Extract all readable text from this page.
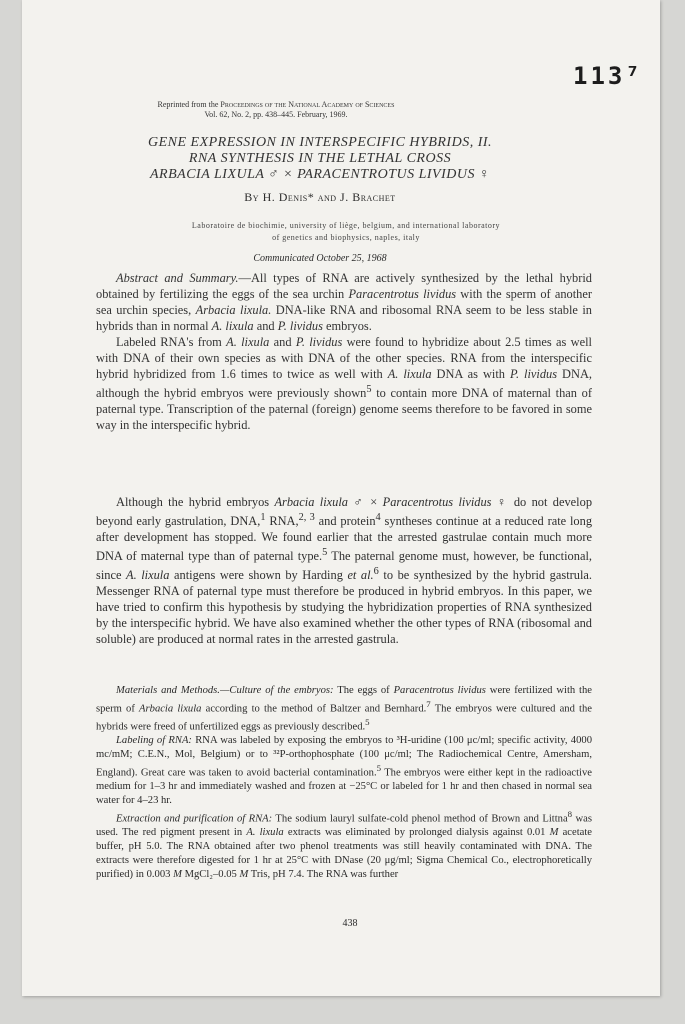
113⁷
Reprinted from the Proceedings of the National Academy of Sciences
Vol. 62, No. 2, pp. 438–445. February, 1969.
GENE EXPRESSION IN INTERSPECIFIC HYBRIDS, II.
RNA SYNTHESIS IN THE LETHAL CROSS
ARBACIA LIXULA ♂ × PARACENTROTUS LIVIDUS ♀
By H. Denis* and J. Brachet
Laboratoire de biochimie, university of liège, belgium, and international laboratory
of genetics and biophysics, naples, italy
Communicated October 25, 1968

Abstract and Summary.—All types of RNA are actively synthesized by the lethal hybrid obtained by fertilizing the eggs of the sea urchin Paracentrotus lividus with the sperm of another sea urchin species, Arbacia lixula. DNA-like RNA and ribosomal RNA seem to be less stable in hybrids than in normal A. lixula and P. lividus embryos.

Labeled RNA's from A. lixula and P. lividus were found to hybridize about 2.5 times as well with DNA of their own species as with DNA of the other species. RNA from the interspecific hybrid hybridized from 1.6 times to twice as well with A. lixula DNA as with P. lividus DNA, although the hybrid embryos were previously shown$^5$ to contain more DNA of maternal than of paternal type. Transcription of the paternal (foreign) genome seems therefore to be favored in some way in the interspecific hybrid.

Although the hybrid embryos Arbacia lixula ♂ × Paracentrotus lividus ♀ do not develop beyond early gastrulation, DNA,$^1$ RNA,$^{2, 3}$ and protein$^4$ syntheses continue at a reduced rate long after development has stopped. We found earlier that the arrested gastrulae contain much more DNA of maternal type than of paternal type.$^5$ The paternal genome must, however, be functional, since A. lixula antigens were shown by Harding et al.$^6$ to be synthesized by the hybrid gastrula. Messenger RNA of paternal type must therefore be produced in hybrid embryos. In this paper, we have tried to confirm this hypothesis by studying the hybridization properties of RNA synthesized by the interspecific hybrid. We have also examined whether the other types of RNA (ribosomal and soluble) are produced at normal rates in the arrested gastrula.

Materials and Methods.—Culture of the embryos: The eggs of Paracentrotus lividus were fertilized with the sperm of Arbacia lixula according to the method of Baltzer and Bernhard.$^7$ The embryos were cultured and the hybrids were freed of unfertilized eggs as previously described.$^5$

Labeling of RNA: RNA was labeled by exposing the embryos to ³H-uridine (100 μc/ml; specific activity, 4000 mc/mM; C.E.N., Mol, Belgium) or to ³²P-orthophosphate (100 μc/ml; The Radiochemical Centre, Amersham, England). Great care was taken to avoid bacterial contamination.$^5$ The embryos were either kept in the radioactive medium for 1–3 hr and immediately washed and frozen at −25°C or labeled for 1 hr and then chased in normal sea water for 4–23 hr.

Extraction and purification of RNA: The sodium lauryl sulfate-cold phenol method of Brown and Littna$^8$ was used. The red pigment present in A. lixula extracts was eliminated by prolonged dialysis against 0.01 M acetate buffer, pH 5.0. The RNA obtained after two phenol treatments was still heavily contaminated with DNA. The extracts were therefore digested for 1 hr at 25°C with DNase (20 μg/ml; Sigma Chemical Co., electrophoretically purified) in 0.003 M MgCl₂–0.05 M Tris, pH 7.4. The RNA was further

438
